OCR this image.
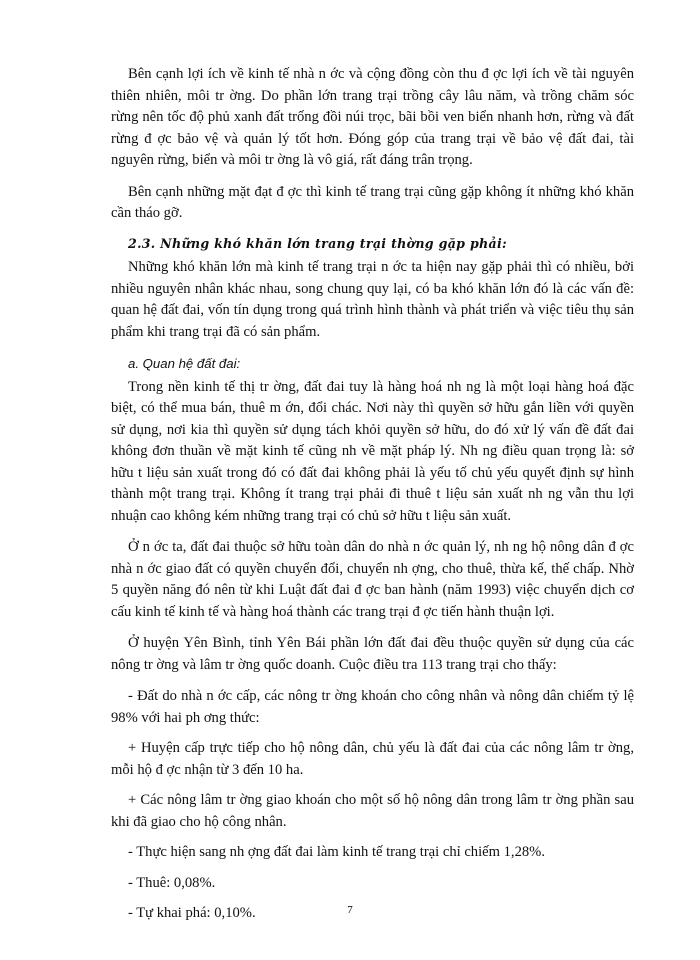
Bên cạnh lợi ích về kinh tế nhà n ớc và cộng đồng còn thu đ ợc lợi ích về tài nguyên thiên nhiên, môi tr ờng. Do phần lớn trang trại trồng cây lâu năm, và trồng chăm sóc rừng nên tốc độ phủ xanh đất trống đồi núi trọc, bãi bồi ven biển nhanh hơn, rừng và đất rừng đ ợc bảo vệ và quản lý tốt hơn. Đóng góp của trang trại về bảo vệ đất đai, tài nguyên rừng, biển và môi tr ờng là vô giá, rất đáng trân trọng.

Bên cạnh những mặt đạt đ ợc thì kinh tế trang trại cũng gặp không ít những khó khăn cần tháo gỡ.

2.3. Những khó khăn lớn trang trại thờng gặp phải:

Những khó khăn lớn mà kinh tế trang trại n ớc ta hiện nay gặp phải thì có nhiều, bởi nhiều nguyên nhân khác nhau, song chung quy lại, có ba khó khăn lớn đó là các vấn đề: quan hệ đất đai, vốn tín dụng trong quá trình hình thành và phát triển và việc tiêu thụ sản phẩm khi trang trại đã có sản phẩm.

a. Quan hệ đất đai:

Trong nền kinh tế thị tr ờng, đất đai tuy là hàng hoá nh ng là một loại hàng hoá đặc biệt, có thể mua bán, thuê m ớn, đổi chác. Nơi này thì quyền sở hữu gắn liền với quyền sử dụng, nơi kia thì quyền sử dụng tách khỏi quyền sở hữu, do đó xử lý vấn đề đất đai không đơn thuần về mặt kinh tế cũng nh về mặt pháp lý. Nh ng điều quan trọng là: sở hữu t liệu sản xuất trong đó có đất đai không phải là yếu tố chủ yếu quyết định sự hình thành một trang trại. Không ít trang trại phải đi thuê t liệu sản xuất nh ng vẫn thu lợi nhuận cao không kém những trang trại có chủ sở hữu t liệu sản xuất.

Ở n ớc ta, đất đai thuộc sở hữu toàn dân do nhà n ớc quản lý, nh ng hộ nông dân đ ợc nhà n ớc giao đất có quyền chuyển đổi, chuyển nh ợng, cho thuê, thừa kế, thế chấp. Nhờ 5 quyền năng đó nên từ khi Luật đất đai đ ợc ban hành (năm 1993) việc chuyển dịch cơ cấu kinh tế kinh tế và hàng hoá thành các trang trại đ ợc tiến hành thuận lợi.

Ở huyện Yên Bình, tỉnh Yên Bái phần lớn đất đai đều thuộc quyền sử dụng của các nông tr ờng và lâm tr ờng quốc doanh. Cuộc điều tra 113 trang trại cho thấy:

- Đất do nhà n ớc cấp, các nông tr ờng khoán cho công nhân và nông dân chiếm tỷ lệ 98% với hai ph ơng thức:

+ Huyện cấp trực tiếp cho hộ nông dân, chủ yếu là đất đai của các nông lâm tr ờng, mỗi hộ đ ợc nhận từ 3 đến 10 ha.

+ Các nông lâm tr ờng giao khoán cho một số hộ nông dân trong lâm tr ờng phần sau khi đã giao cho hộ công nhân.

- Thực hiện sang nh ợng đất đai làm kinh tế trang trại chỉ chiếm 1,28%.

- Thuê: 0,08%.

- Tự khai phá: 0,10%.	7
